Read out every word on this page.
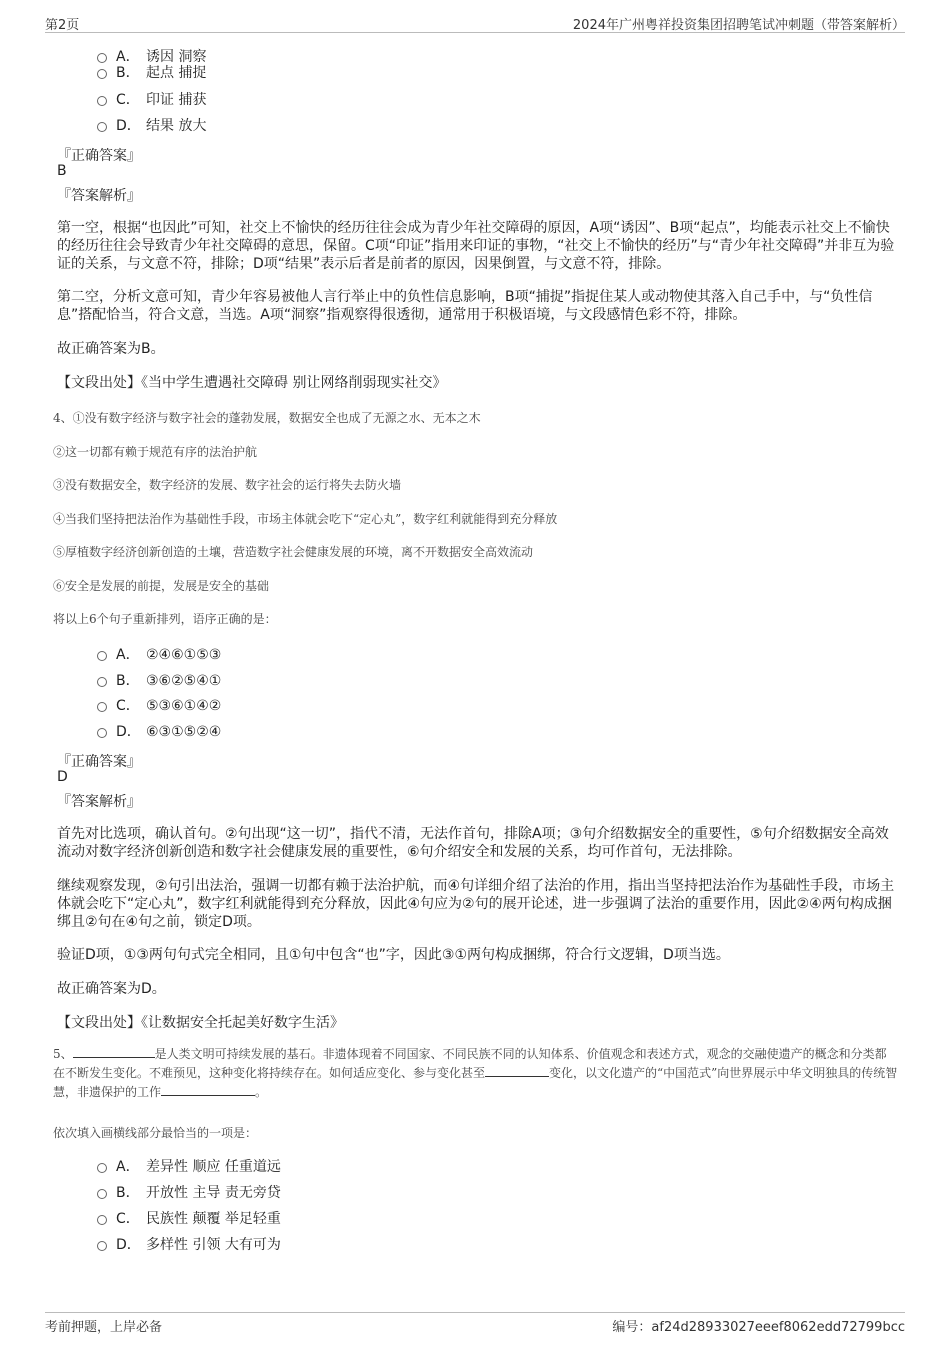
第2页	2024年广州粤祥投资集团招聘笔试冲刺题（带答案解析）
A． 诱因 洞察
B． 起点 捕捉
C． 印证 捕获
D． 结果 放大
『正确答案』
B
『答案解析』
第一空，根据“也因此”可知，社交上不愉快的经历往往会成为青少年社交障碍的原因，A项“诱因”、B项“起点”，均能表示社交上不愉快的经历往往会导致青少年社交障碍的意思，保留。C项“印证”指用来印证的事物，“社交上不愉快的经历”与“青少年社交障碍”并非互为验证的关系，与文意不符，排除；D项“结果”表示后者是前者的原因，因果倒置，与文意不符，排除。
第二空，分析文意可知，青少年容易被他人言行举止中的负性信息影响，B项“捕捉”指捉住某人或动物使其落入自己手中，与“负性信息”搭配恰当，符合文意，当选。A项“洞察”指观察得很透彻，通常用于积极语境，与文段感情色彩不符，排除。
故正确答案为B。
【文段出处】《当中学生遭遇社交障碍 别让网络削弱现实社交》
4、①没有数字经济与数字社会的蓬勃发展，数据安全也成了无源之水、无本之木
②这一切都有赖于规范有序的法治护航
③没有数据安全，数字经济的发展、数字社会的运行将失去防火墙
④当我们坚持把法治作为基础性手段，市场主体就会吃下“定心丸”，数字红利就能得到充分释放
⑤厚植数字经济创新创造的土壤，营造数字社会健康发展的环境，离不开数据安全高效流动
⑥安全是发展的前提，发展是安全的基础
将以上6个句子重新排列，语序正确的是：
A． ②④⑥①⑤③
B． ③⑥②⑤④①
C． ⑤③⑥①④②
D． ⑥③①⑤②④
『正确答案』
D
『答案解析』
首先对比选项，确认首句。②句出现“这一切”，指代不清，无法作首句，排除A项；③句介绍数据安全的重要性，⑤句介绍数据安全高效流动对数字经济创新创造和数字社会健康发展的重要性，⑥句介绍安全和发展的关系，均可作首句，无法排除。
继续观察发现，②句引出法治，强调一切都有赖于法治护航，而④句详细介绍了法治的作用，指出当坚持把法治作为基础性手段，市场主体就会吃下“定心丸”，数字红利就能得到充分释放，因此④句应为②句的展开论述，进一步强调了法治的重要作用，因此②④两句构成捆绑且②句在④句之前，锁定D项。
验证D项，①③两句句式完全相同，且①句中包含“也”字，因此③①两句构成捆绑，符合行文逻辑，D项当选。
故正确答案为D。
【文段出处】《让数据安全托起美好数字生活》
5、	是人类文明可持续发展的基石。非遗体现着不同国家、不同民族不同的认知体系、价值观念和表述方式，观念的交融使遗产的概念和分类都在不断发生变化。不难预见，这种变化将持续存在。如何适应变化、参与变化甚至	变化，以文化遗产的“中国范式”向世界展示中华文明独具的传统智慧，非遗保护的工作	。
依次填入画横线部分最恰当的一项是：
A． 差异性 顺应 任重道远
B． 开放性 主导 责无旁贷
C． 民族性 颠覆 举足轻重
D． 多样性 引领 大有可为
考前押题，上岸必备	编号：af24d28933027eeef8062edd72799bcc
